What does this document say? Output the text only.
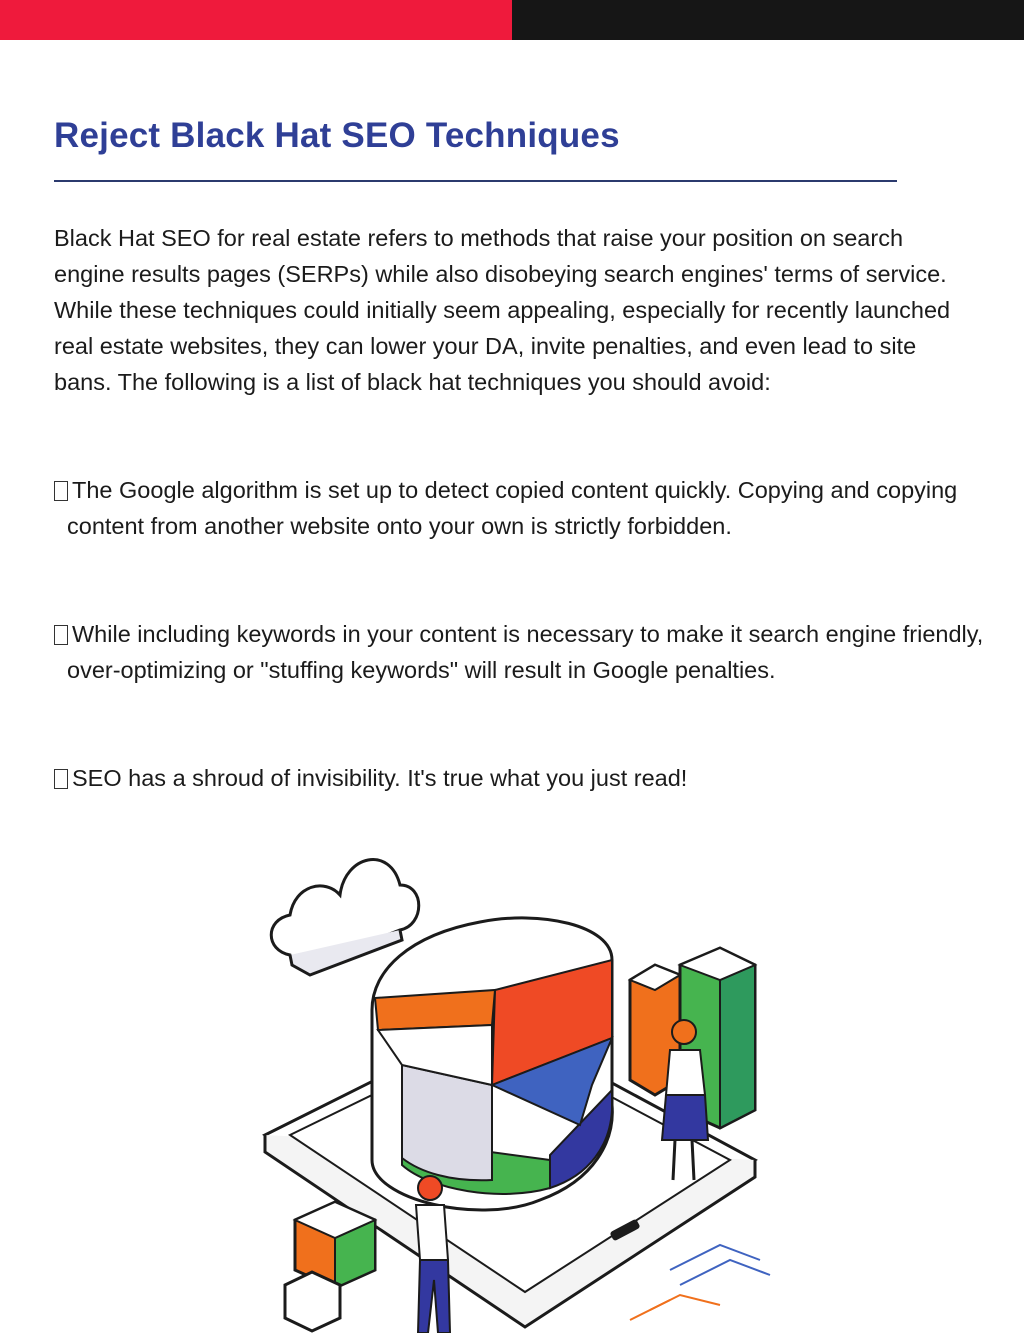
Reject Black Hat SEO Techniques

Black Hat SEO for real estate refers to methods that raise your position on search engine results pages (SERPs) while also disobeying search engines' terms of service. While these techniques could initially seem appealing, especially for recently launched real estate websites, they can lower your DA, invite penalties, and even lead to site bans. The following is a list of black hat techniques you should avoid:

The Google algorithm is set up to detect copied content quickly. Copying and copying content from another website onto your own is strictly forbidden.

While including keywords in your content is necessary to make it search engine friendly, over-optimizing or "stuffing keywords" will result in Google penalties.

SEO has a shroud of invisibility. It's true what you just read!
